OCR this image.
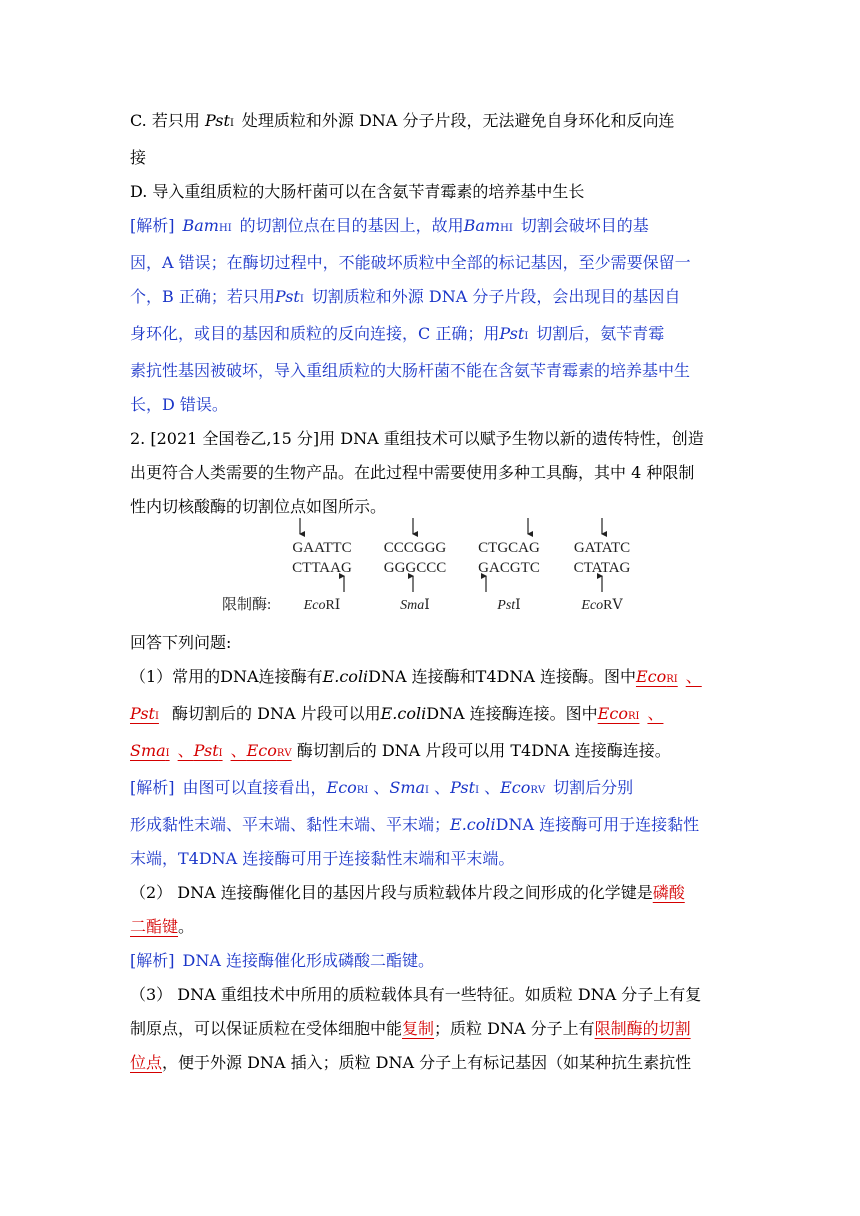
C. 若只用 PstⅠ 处理质粒和外源 DNA 分子片段，无法避免自身环化和反向连

接

D. 导入重组质粒的大肠杆菌可以在含氨苄青霉素的培养基中生长

[解析] BamHⅠ 的切割位点在目的基因上，故用BamHⅠ 切割会破坏目的基

因，A 错误；在酶切过程中，不能破坏质粒中全部的标记基因，至少需要保留一

个，B 正确；若只用PstⅠ 切割质粒和外源 DNA 分子片段，会出现目的基因自

身环化，或目的基因和质粒的反向连接，C 正确；用PstⅠ 切割后，氨苄青霉

素抗性基因被破坏，导入重组质粒的大肠杆菌不能在含氨苄青霉素的培养基中生

长，D 错误。

2. [2021 全国卷乙,15 分]用 DNA 重组技术可以赋予生物以新的遗传特性，创造

出更符合人类需要的生物产品。在此过程中需要使用多种工具酶，其中 4 种限制

性内切核酸酶的切割位点如图所示。

回答下列问题:

（1）常用的DNA连接酶有E.coliDNA 连接酶和T4DNA 连接酶。图中EcoRⅠ 、

PstⅠ 酶切割后的 DNA 片段可以用E.coliDNA 连接酶连接。图中EcoRⅠ 、

SmaⅠ 、PstⅠ 、EcoRⅤ 酶切割后的 DNA 片段可以用 T4DNA 连接酶连接。

[解析] 由图可以直接看出，EcoRⅠ 、SmaⅠ 、PstⅠ 、EcoRⅤ 切割后分别

形成黏性末端、平末端、黏性末端、平末端；E.coliDNA 连接酶可用于连接黏性

末端，T4DNA 连接酶可用于连接黏性末端和平末端。

（2） DNA 连接酶催化目的基因片段与质粒载体片段之间形成的化学键是磷酸

二酯键。

[解析] DNA 连接酶催化形成磷酸二酯键。

（3） DNA 重组技术中所用的质粒载体具有一些特征。如质粒 DNA 分子上有复

制原点，可以保证质粒在受体细胞中能复制；质粒 DNA 分子上有限制酶的切割

位点，便于外源 DNA 插入；质粒 DNA 分子上有标记基因（如某种抗生素抗性

GAATTC
CTTAAG
EcoRⅠ
CCCGGG
GGGCCC
SmaⅠ
CTGCAG
GACGTC
PstⅠ
GATATC
CTATAG
EcoRⅤ
限制酶:
